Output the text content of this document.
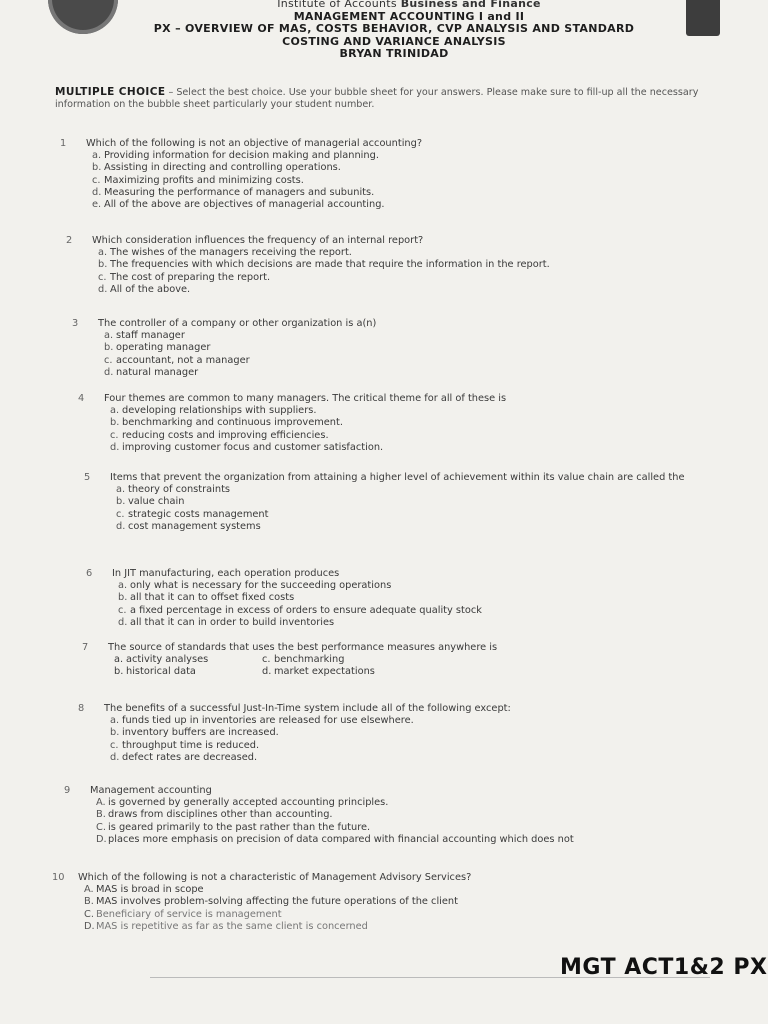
Institute of Accounts Business and Finance
MANAGEMENT ACCOUNTING I and II
PX – OVERVIEW OF MAS, COSTS BEHAVIOR, CVP ANALYSIS AND STANDARD
COSTING AND VARIANCE ANALYSIS
BRYAN TRINIDAD
MULTIPLE CHOICE – Select the best choice. Use your bubble sheet for your answers. Please make sure to fill-up all the necessary information on the bubble sheet particularly your student number.
1 Which of the following is not an objective of managerial accounting?
a. Providing information for decision making and planning.
b. Assisting in directing and controlling operations.
c. Maximizing profits and minimizing costs.
d. Measuring the performance of managers and subunits.
e. All of the above are objectives of managerial accounting.
2 Which consideration influences the frequency of an internal report?
a. The wishes of the managers receiving the report.
b. The frequencies with which decisions are made that require the information in the report.
c. The cost of preparing the report.
d. All of the above.
3 The controller of a company or other organization is a(n)
a. staff manager
b. operating manager
c. accountant, not a manager
d. natural manager
4 Four themes are common to many managers. The critical theme for all of these is
a. developing relationships with suppliers.
b. benchmarking and continuous improvement.
c. reducing costs and improving efficiencies.
d. improving customer focus and customer satisfaction.
5 Items that prevent the organization from attaining a higher level of achievement within its value chain are called the
a. theory of constraints
b. value chain
c. strategic costs management
d. cost management systems
6 In JIT manufacturing, each operation produces
a. only what is necessary for the succeeding operations
b. all that it can to offset fixed costs
c. a fixed percentage in excess of orders to ensure adequate quality stock
d. all that it can in order to build inventories
7 The source of standards that uses the best performance measures anywhere is
a. activity analyses	c. benchmarking
b. historical data	d. market expectations
8 The benefits of a successful Just-In-Time system include all of the following except:
a. funds tied up in inventories are released for use elsewhere.
b. inventory buffers are increased.
c. throughput time is reduced.
d. defect rates are decreased.
9 Management accounting
A. is governed by generally accepted accounting principles.
B. draws from disciplines other than accounting.
C. is geared primarily to the past rather than the future.
D.places more emphasis on precision of data compared with financial accounting which does not
10 Which of the following is not a characteristic of Management Advisory Services?
A. MAS is broad in scope
B. MAS involves problem-solving affecting the future operations of the client
C. Beneficiary of service is management
D.MAS is repetitive as far as the same client is concerned
MGT ACT1&2 PX
